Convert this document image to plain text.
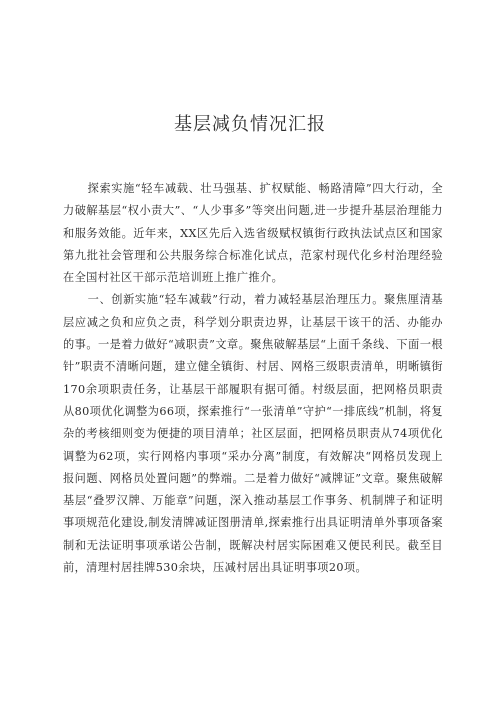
基层减负情况汇报

探索实施“轻车减载、壮马强基、扩权赋能、畅路清障”四大行动，全力破解基层“权小责大”、“人少事多”等突出问题,进一步提升基层治理能力和服务效能。近年来，XX区先后入选省级赋权镇街行政执法试点区和国家第九批社会管理和公共服务综合标准化试点，范家村现代化乡村治理经验在全国村社区干部示范培训班上推广推介。

一、创新实施“轻车减载”行动，着力减轻基层治理压力。聚焦厘清基层应减之负和应负之责，科学划分职责边界，让基层干该干的活、办能办的事。一是着力做好“减职责”文章。聚焦破解基层“上面千条线、下面一根针”职责不清晰问题，建立健全镇街、村居、网格三级职责清单，明晰镇街170余项职责任务，让基层干部履职有据可循。村级层面，把网格员职责从80项优化调整为66项，探索推行“一张清单”守护“一排底线”机制，将复杂的考核细则变为便捷的项目清单；社区层面，把网格员职责从74项优化调整为62项，实行网格内事项“采办分离”制度，有效解决“网格员发现上报问题、网格员处置问题”的弊端。二是着力做好“减牌证”文章。聚焦破解基层“叠罗汉牌、万能章”问题，深入推动基层工作事务、机制牌子和证明事项规范化建设,制发清牌减证图册清单,探索推行出具证明清单外事项备案制和无法证明事项承诺公告制，既解决村居实际困难又便民利民。截至目前，清理村居挂牌530余块，压减村居出具证明事项20项。
